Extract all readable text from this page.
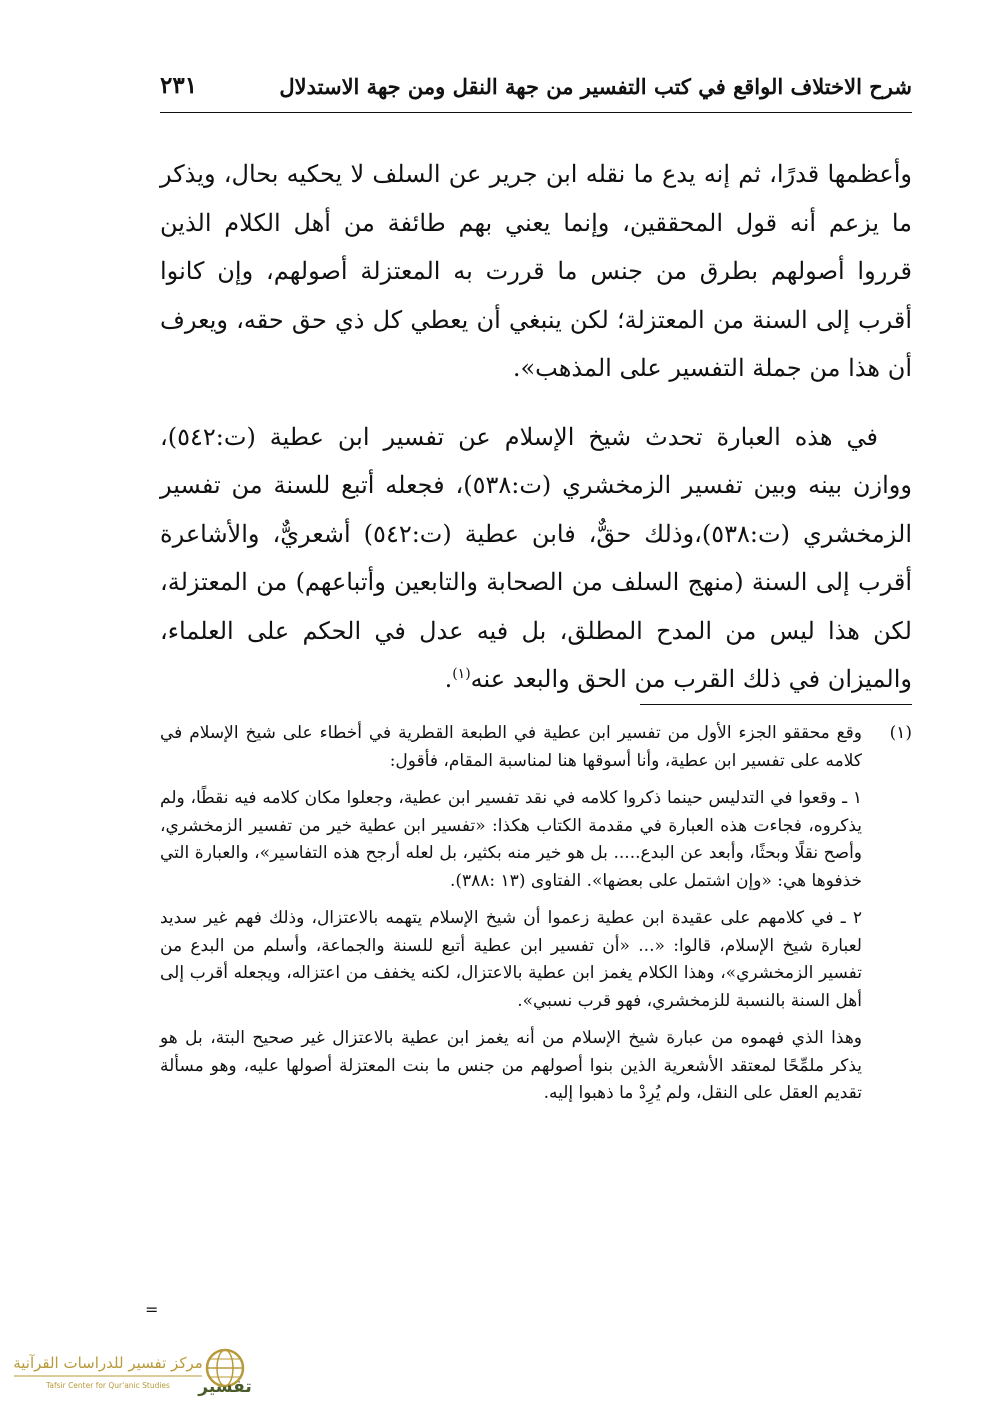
شرح الاختلاف الواقع في كتب التفسير من جهة النقل ومن جهة الاستدلال
٢٣١

وأعظمها قدرًا، ثم إنه يدع ما نقله ابن جرير عن السلف لا يحكيه بحال، ويذكر ما يزعم أنه قول المحققين، وإنما يعني بهم طائفة من أهل الكلام الذين قرروا أصولهم بطرق من جنس ما قررت به المعتزلة أصولهم، وإن كانوا أقرب إلى السنة من المعتزلة؛ لكن ينبغي أن يعطي كل ذي حق حقه، ويعرف أن هذا من جملة التفسير على المذهب».

في هذه العبارة تحدث شيخ الإسلام عن تفسير ابن عطية (ت:٥٤٢)، ووازن بينه وبين تفسير الزمخشري (ت:٥٣٨)، فجعله أتبع للسنة من تفسير الزمخشري (ت:٥٣٨)،وذلك حقٌّ، فابن عطية (ت:٥٤٢) أشعريٌّ، والأشاعرة أقرب إلى السنة (منهج السلف من الصحابة والتابعين وأتباعهم) من المعتزلة، لكن هذا ليس من المدح المطلق، بل فيه عدل في الحكم على العلماء، والميزان في ذلك القرب من الحق والبعد عنه$^{(١)}$.

(١)

وقع محققو الجزء الأول من تفسير ابن عطية في الطبعة القطرية في أخطاء على شيخ الإسلام في كلامه على تفسير ابن عطية، وأنا أسوقها هنا لمناسبة المقام، فأقول:

١ ـ وقعوا في التدليس حينما ذكروا كلامه في نقد تفسير ابن عطية، وجعلوا مكان كلامه فيه نقطًا، ولم يذكروه، فجاءت هذه العبارة في مقدمة الكتاب هكذا: «تفسير ابن عطية خير من تفسير الزمخشري، وأصح نقلًا وبحثًا، وأبعد عن البدع..... بل هو خير منه بكثير، بل لعله أرجح هذه التفاسير»، والعبارة التي خذفوها هي: «وإن اشتمل على بعضها». الفتاوى (١٣ :٣٨٨).

٢ ـ في كلامهم على عقيدة ابن عطية زعموا أن شيخ الإسلام يتهمه بالاعتزال، وذلك فهم غير سديد لعبارة شيخ الإسلام، قالوا: «... «أن تفسير ابن عطية أتبع للسنة والجماعة، وأسلم من البدع من تفسير الزمخشري»، وهذا الكلام يغمز ابن عطية بالاعتزال، لكنه يخفف من اعتزاله، ويجعله أقرب إلى أهل السنة بالنسبة للزمخشري، فهو قرب نسبي».

وهذا الذي فهموه من عبارة شيخ الإسلام من أنه يغمز ابن عطية بالاعتزال غير صحيح البتة، بل هو يذكر ملمِّحًا لمعتقد الأشعرية الذين بنوا أصولهم من جنس ما بنت المعتزلة أصولها عليه، وهو مسألة تقديم العقل على النقل، ولم يُرِدْ ما ذهبوا إليه.

=
تفسير
مركز تفسير للدراسات القرآنية
Tafsir Center for Qur'anic Studies
